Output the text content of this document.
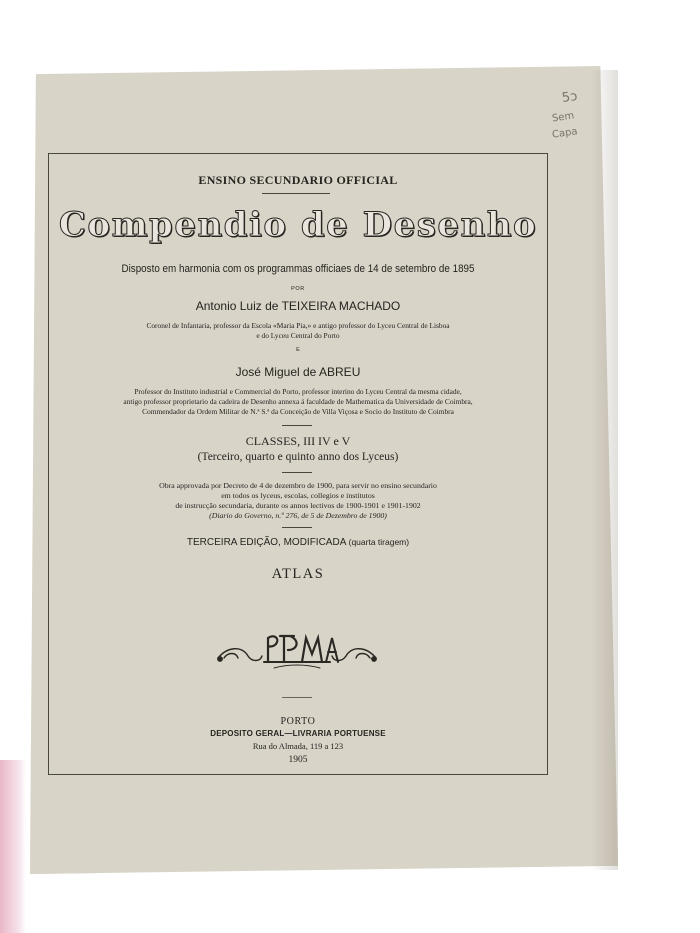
5ↄ
Sem
Capa
ENSINO SECUNDARIO OFFICIAL
Compendio de Desenho
Disposto em harmonia com os programmas officiaes de 14 de setembro de 1895
POR
Antonio Luiz de TEIXEIRA MACHADO
Coronel de Infantaria, professor da Escola «Maria Pia,» e antigo professor do Lyceu Central de Lisboa
e do Lyceu Central do Porto
E
José Miguel de ABREU
Professor do Instituto industrial e Commercial do Porto, professor interino do Lyceu Central da mesma cidade,
antigo professor proprietario da cadeira de Desenho annexa á faculdade de Mathematica da Universidade de Coimbra,
Commendador da Ordem Militar de N.ª S.ª da Conceição de Villa Viçosa e Socio do Instituto de Coimbra
CLASSES, III IV e V
(Terceiro, quarto e quinto anno dos Lyceus)
Obra approvada por Decreto de 4 de dezembro de 1900, para servir no ensino secundario
em todos os lyceus, escolas, collegios e institutos
de instrucção secundaria, durante os annos lectivos de 1900-1901 e 1901-1902
(Diario do Governo, n.º 276, de 5 de Dezembro de 1900)
TERCEIRA EDIÇÃO, MODIFICADA (quarta tiragem)
ATLAS
PORTO
DEPOSITO GERAL—LIVRARIA PORTUENSE
Rua do Almada, 119 a 123
1905
